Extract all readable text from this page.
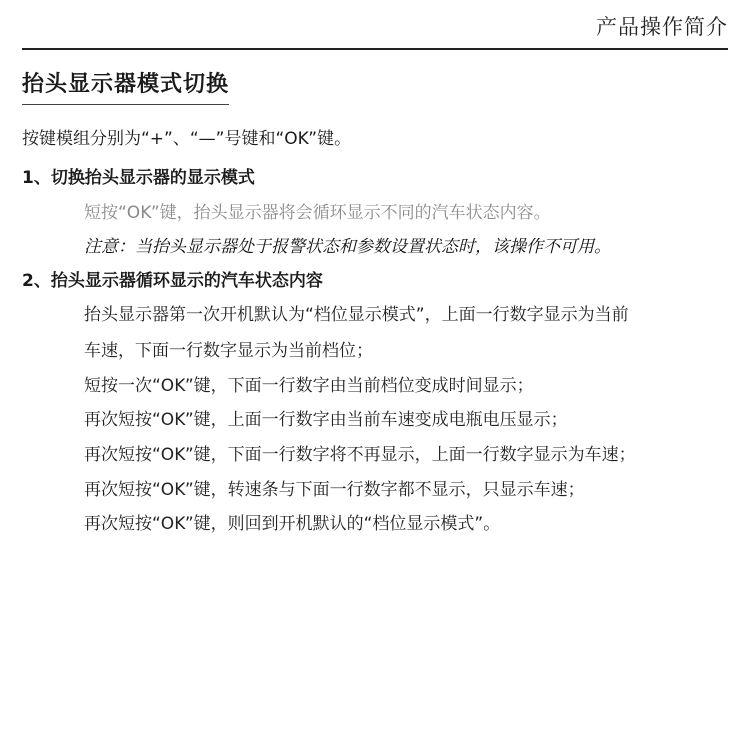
产品操作简介
抬头显示器模式切换
按键模组分别为“+”、“—”号键和“OK”键。
1、切换抬头显示器的显示模式
短按“OK”键，抬头显示器将会循环显示不同的汽车状态内容。
注意：当抬头显示器处于报警状态和参数设置状态时，该操作不可用。
2、抬头显示器循环显示的汽车状态内容
抬头显示器第一次开机默认为“档位显示模式”，上面一行数字显示为当前
车速，下面一行数字显示为当前档位；
短按一次“OK”键，下面一行数字由当前档位变成时间显示；
再次短按“OK”键，上面一行数字由当前车速变成电瓶电压显示；
再次短按“OK”键，下面一行数字将不再显示，上面一行数字显示为车速；
再次短按“OK”键，转速条与下面一行数字都不显示，只显示车速；
再次短按“OK”键，则回到开机默认的“档位显示模式”。
